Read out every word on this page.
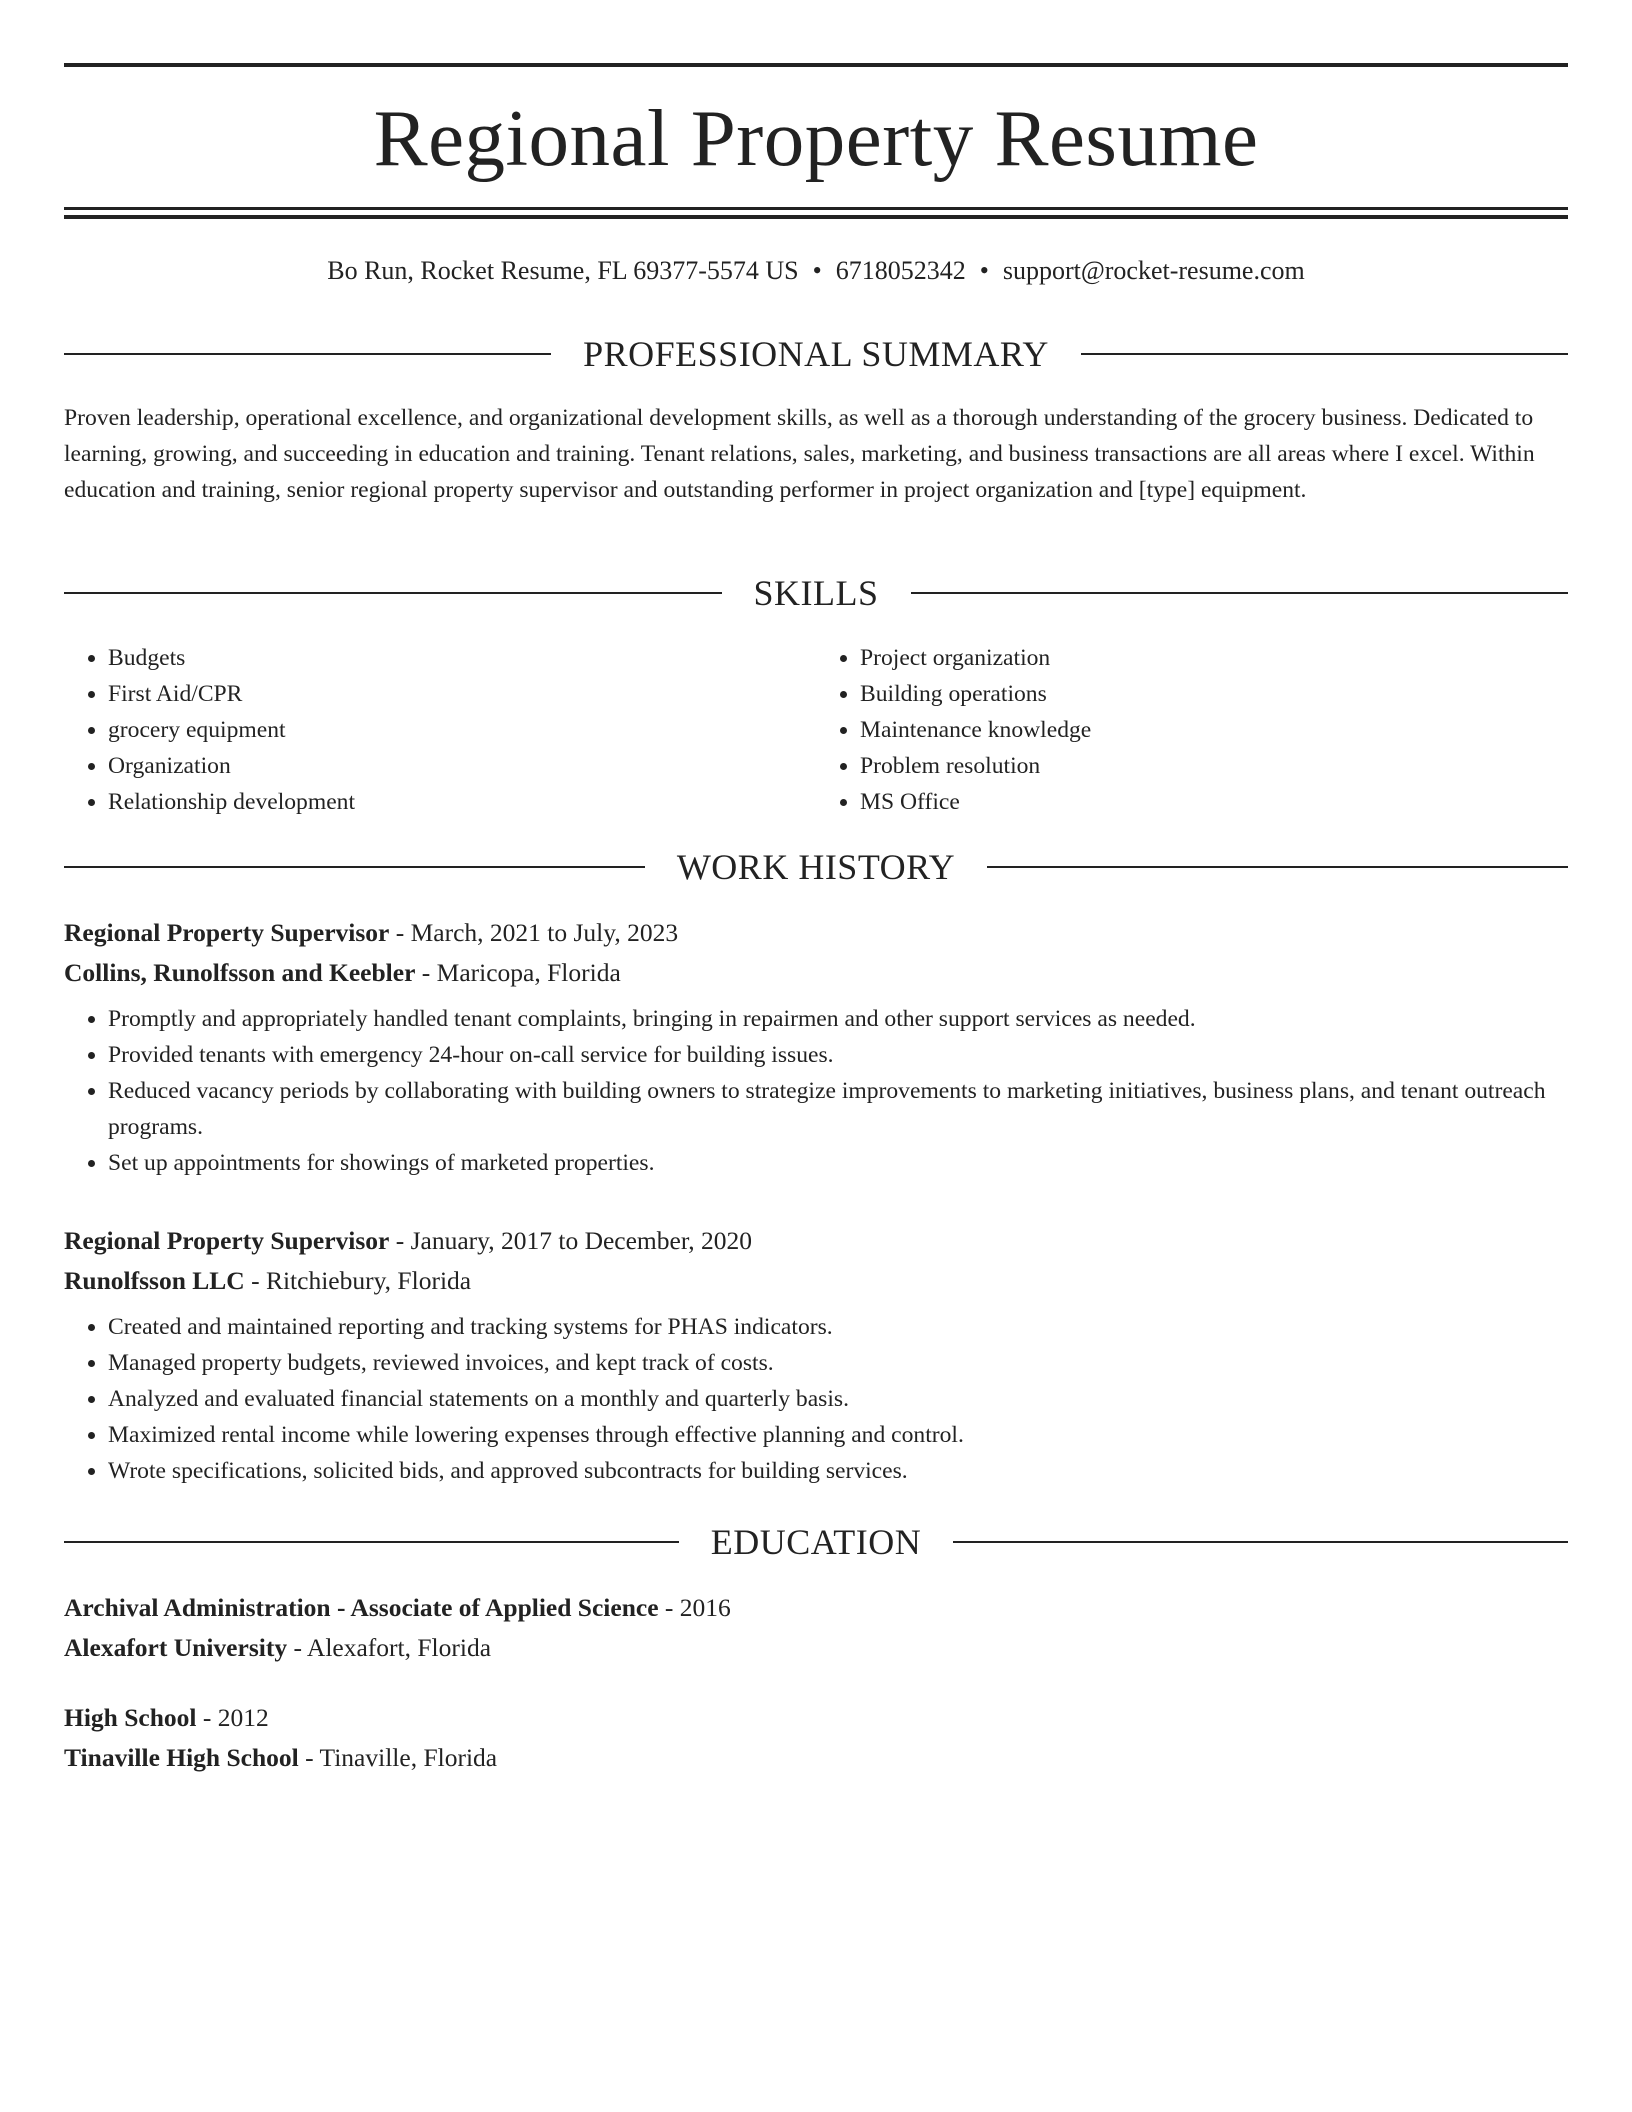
Regional Property Resume
Bo Run, Rocket Resume, FL 69377-5574 US • 6718052342 • support@rocket-resume.com
PROFESSIONAL SUMMARY

Proven leadership, operational excellence, and organizational development skills, as well as a thorough understanding of the grocery business. Dedicated to learning, growing, and succeeding in education and training. Tenant relations, sales, marketing, and business transactions are all areas where I excel. Within education and training, senior regional property supervisor and outstanding performer in project organization and [type] equipment.

SKILLS
• Budgets
• First Aid/CPR
• grocery equipment
• Organization
• Relationship development
• Project organization
• Building operations
• Maintenance knowledge
• Problem resolution
• MS Office
WORK HISTORY
Regional Property Supervisor - March, 2021 to July, 2023
Collins, Runolfsson and Keebler - Maricopa, Florida
• Promptly and appropriately handled tenant complaints, bringing in repairmen and other support services as needed.
• Provided tenants with emergency 24-hour on-call service for building issues.
• Reduced vacancy periods by collaborating with building owners to strategize improvements to marketing initiatives, business plans, and tenant outreach programs.
• Set up appointments for showings of marketed properties.
Regional Property Supervisor - January, 2017 to December, 2020
Runolfsson LLC - Ritchiebury, Florida
• Created and maintained reporting and tracking systems for PHAS indicators.
• Managed property budgets, reviewed invoices, and kept track of costs.
• Analyzed and evaluated financial statements on a monthly and quarterly basis.
• Maximized rental income while lowering expenses through effective planning and control.
• Wrote specifications, solicited bids, and approved subcontracts for building services.
EDUCATION
Archival Administration - Associate of Applied Science - 2016
Alexafort University - Alexafort, Florida
High School - 2012
Tinaville High School - Tinaville, Florida
